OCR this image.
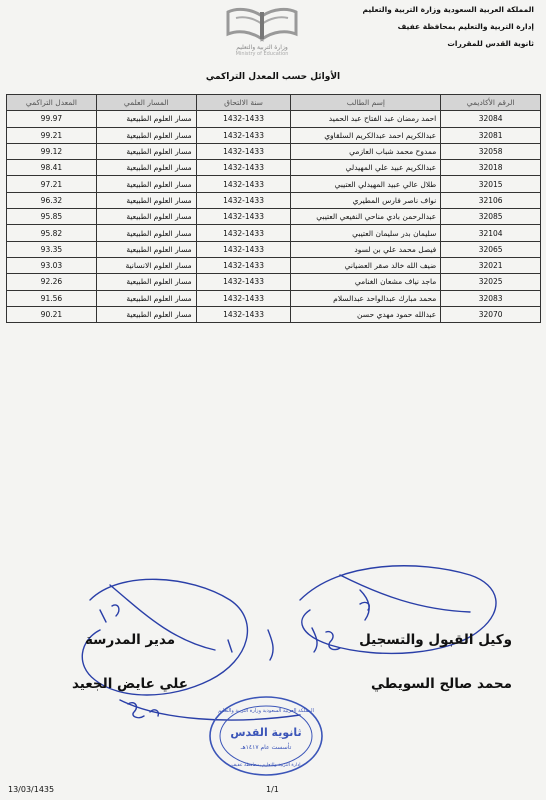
المملكة العربية السعودية وزارة التربية والتعليم
إدارة التربية والتعليم بمحافظة عفيف
ثانوية القدس للمقررات
وزارة التربية والتعليم
Ministry of Education
الأوائل حسب المعدل التراكمي
الرقم الأكاديمي	إسم الطالب	سنة الالتحاق	المسار العلمي	المعدل التراكمي
32084	احمد رمضان عبد الفتاح عبد الحميد	1432-1433	مسار العلوم الطبيعية	99.97
32081	عبدالكريم احمد عبدالكريم السلقاوي	1432-1433	مسار العلوم الطبيعية	99.21
32058	ممدوح محمد شباب العازمي	1432-1433	مسار العلوم الطبيعية	99.12
32018	عبدالكريم عبيد علي المهيدلي	1432-1433	مسار العلوم الطبيعية	98.41
32015	طلال عالي عبيد المهيدلي العتيبي	1432-1433	مسار العلوم الطبيعية	97.21
32106	نواف ناصر فارس المطيري	1432-1433	مسار العلوم الطبيعية	96.32
32085	عبدالرحمن بادي مناحي النفيعي العتيبي	1432-1433	مسار العلوم الطبيعية	95.85
32104	سليمان بدر سليمان العتيبي	1432-1433	مسار العلوم الطبيعية	95.82
32065	فيصل محمد علي بن لسود	1432-1433	مسار العلوم الطبيعية	93.35
32021	ضيف الله خالد صقر العضياني	1432-1433	مسار العلوم الانسانية	93.03
32025	ماجد نياف مشعان الغنامي	1432-1433	مسار العلوم الطبيعية	92.26
32083	محمد مبارك عبدالواحد عبدالسلام	1432-1433	مسار العلوم الطبيعية	91.56
32070	عبدالله حمود مهدي حسن	1432-1433	مسار العلوم الطبيعية	90.21
وكيل القبول والتسجيل
محمد صالح السويطي
مدير المدرسة
علي عايض الجعيد
المملكة العربية السعودية وزارة التربية والتعليم
ثانوية القدس
تأسست عام ١٤١٧هـ
إدارة التربية والتعليم بمحافظة عفيف
13/03/1435	1/1
